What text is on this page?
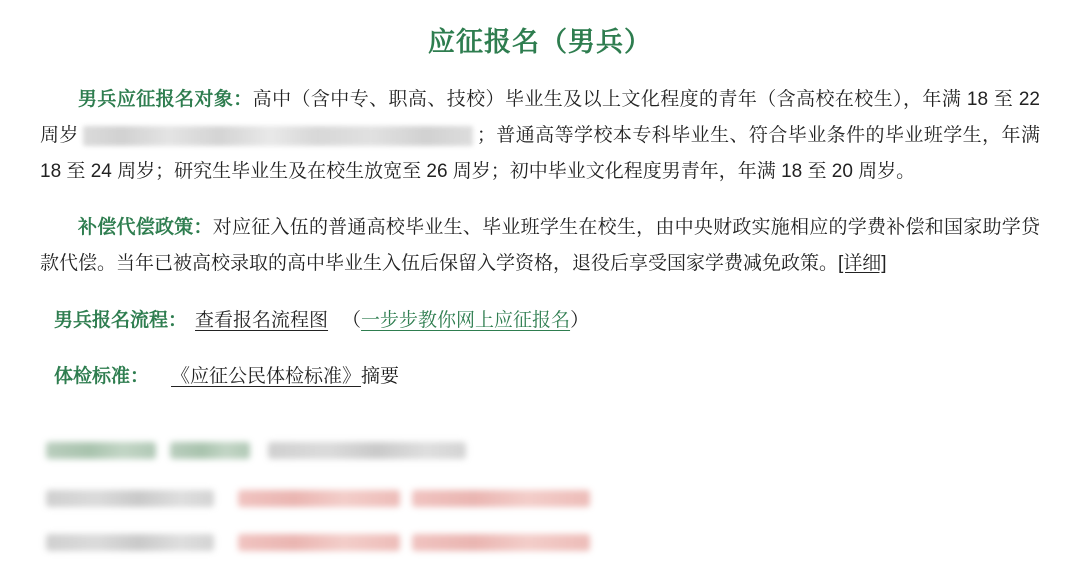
应征报名（男兵）

男兵应征报名对象：高中（含中专、职高、技校）毕业生及以上文化程度的青年（含高校在校生），年满 18 至 22 周岁	；普通高等学校本专科毕业生、符合毕业条件的毕业班学生，年满 18 至 24 周岁；研究生毕业生及在校生放宽至 26 周岁；初中毕业文化程度男青年，年满 18 至 20 周岁。

补偿代偿政策：对应征入伍的普通高校毕业生、毕业班学生在校生，由中央财政实施相应的学费补偿和国家助学贷款代偿。当年已被高校录取的高中毕业生入伍后保留入学资格，退役后享受国家学费减免政策。[详细]

男兵报名流程： 查看报名流程图 （一步步教你网上应征报名）
体检标准： 《应征公民体检标准》摘要
